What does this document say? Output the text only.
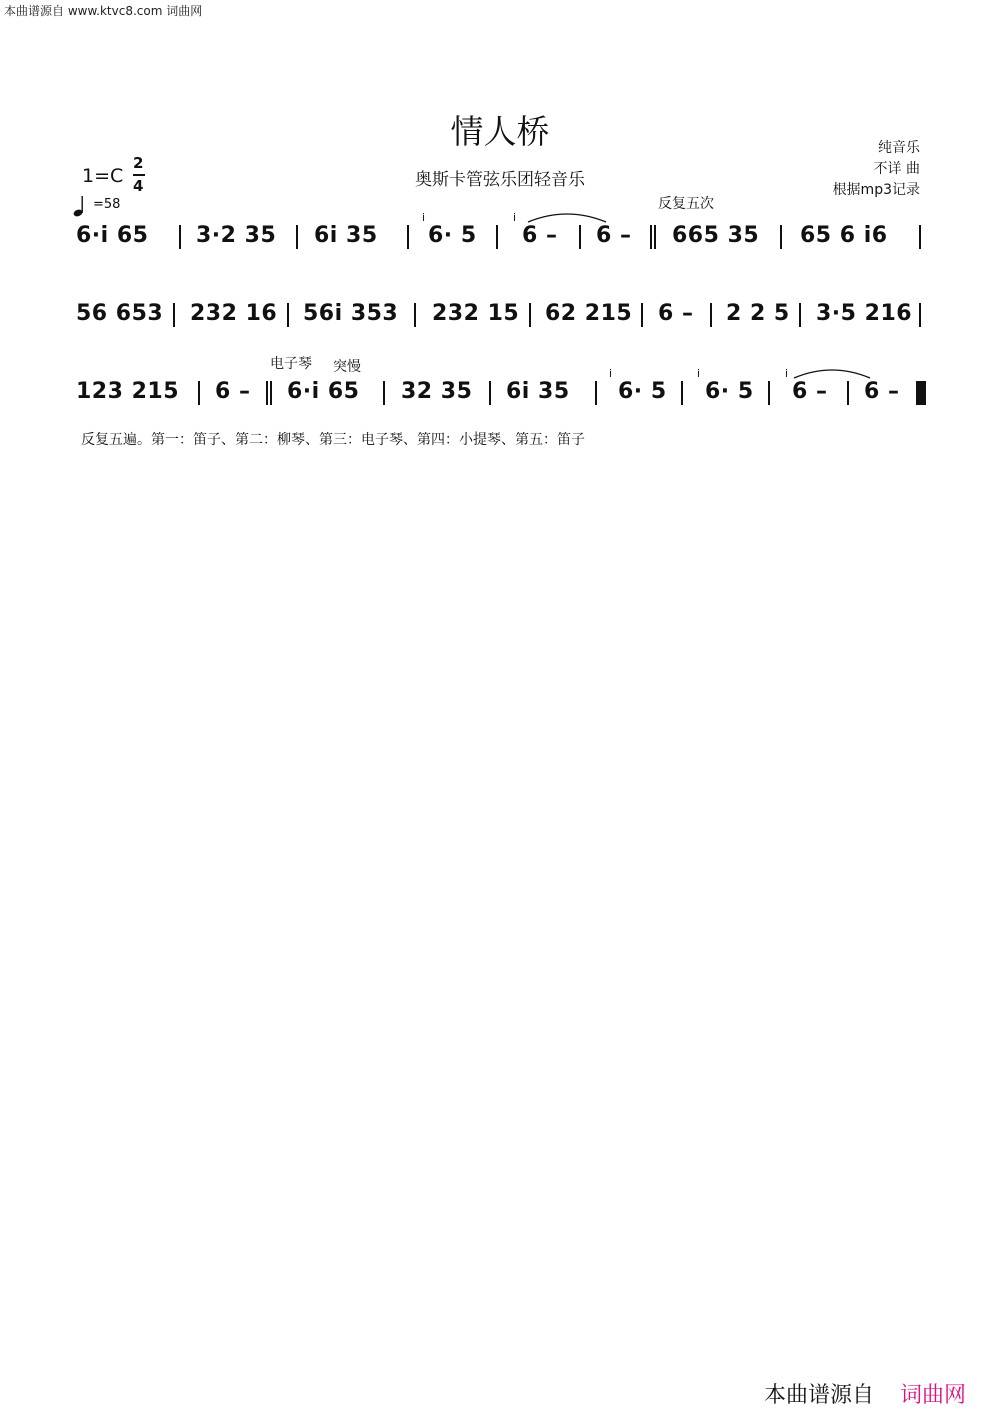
本曲谱源自 www.ktvc8.com 词曲网
情人桥
奥斯卡管弦乐团轻音乐
纯音乐
不详 曲
根据mp3记录
1=C
2
4
=58	反复五次
6·i 65 3·2 35 6i 35
i
6· 5
i
6 – 6 – 665 35 65 6 i6
56 653 232 16 56i 353 232 15 62 215 6 – 2 2 5 3·5 216
电子琴 突慢
123 215 6 – 6·i 65 32 35 6i 35
i
6· 5
i
6· 5
i
6 – 6 –
反复五遍。第一：笛子、第二：柳琴、第三：电子琴、第四：小提琴、第五：笛子
本曲谱源自 词曲网
